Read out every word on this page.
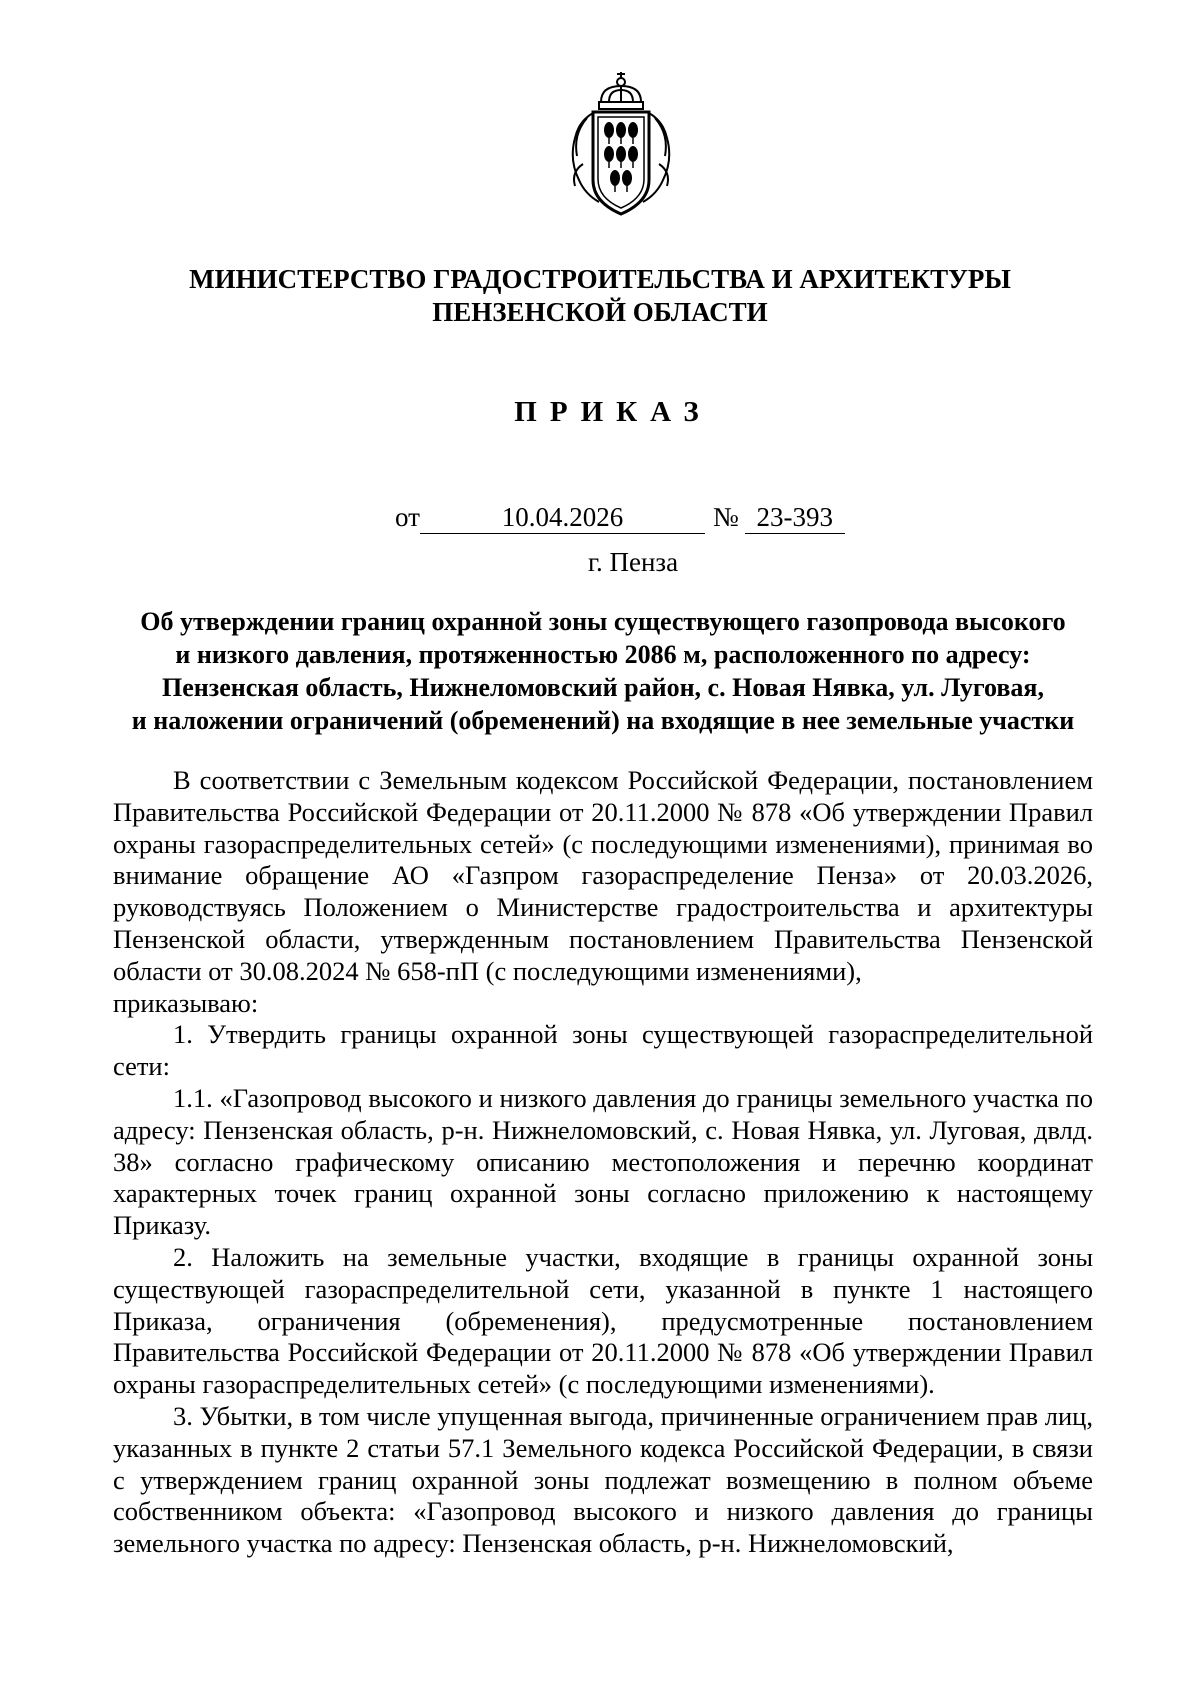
МИНИСТЕРСТВО ГРАДОСТРОИТЕЛЬСТВА И АРХИТЕКТУРЫ
ПЕНЗЕНСКОЙ ОБЛАСТИ
ПРИКАЗ
от	10.04.2026	№ 23-393
г. Пенза
Об утверждении границ охранной зоны существующего газопровода высокого
и низкого давления, протяженностью 2086 м, расположенного по адресу:
Пензенская область, Нижнеломовский район, с. Новая Нявка, ул. Луговая,
и наложении ограничений (обременений) на входящие в нее земельные участки

В соответствии с Земельным кодексом Российской Федерации, постановлением Правительства Российской Федерации от 20.11.2000 № 878 «Об утверждении Правил охраны газораспределительных сетей» (с последующими изменениями), принимая во внимание обращение АО «Газпром газораспределение Пенза» от 20.03.2026, руководствуясь Положением о Министерстве градостроительства и архитектуры Пензенской области, утвержденным постановлением Правительства Пензенской области от 30.08.2024 № 658-пП (с последующими изменениями),

приказываю:

1. Утвердить границы охранной зоны существующей газораспределительной сети:

1.1. «Газопровод высокого и низкого давления до границы земельного участка по адресу: Пензенская область, р-н. Нижнеломовский, с. Новая Нявка, ул. Луговая, двлд. 38» согласно графическому описанию местоположения и перечню координат характерных точек границ охранной зоны согласно приложению к настоящему Приказу.

2. Наложить на земельные участки, входящие в границы охранной зоны существующей газораспределительной сети, указанной в пункте 1 настоящего Приказа, ограничения (обременения), предусмотренные постановлением Правительства Российской Федерации от 20.11.2000 № 878 «Об утверждении Правил охраны газораспределительных сетей» (с последующими изменениями).

3. Убытки, в том числе упущенная выгода, причиненные ограничением прав лиц, указанных в пункте 2 статьи 57.1 Земельного кодекса Российской Федерации, в связи с утверждением границ охранной зоны подлежат возмещению в полном объеме собственником объекта: «Газопровод высокого и низкого давления до границы земельного участка по адресу: Пензенская область, р-н. Нижнеломовский,
